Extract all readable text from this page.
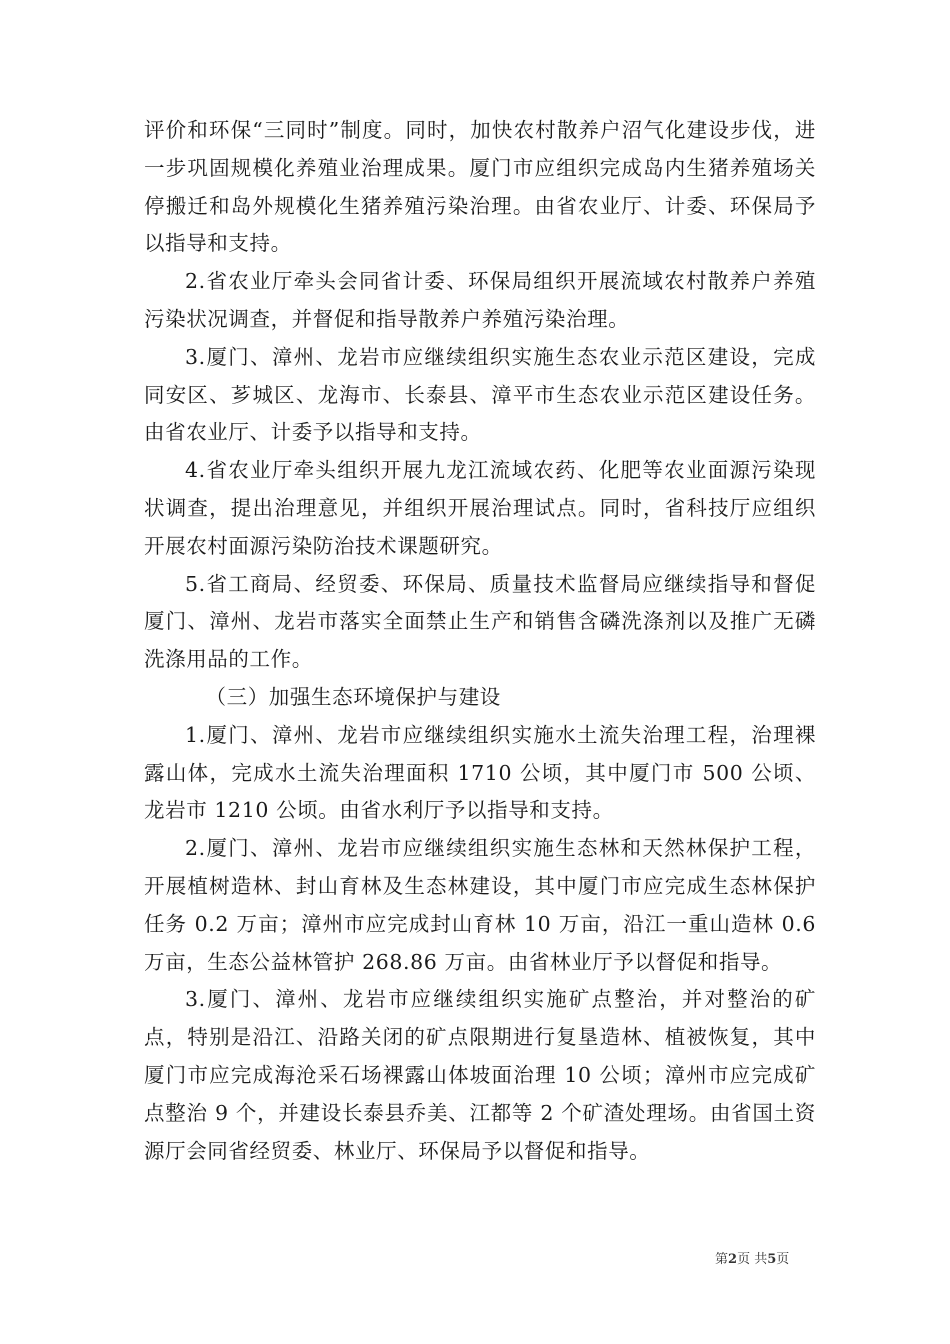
评价和环保“三同时”制度。同时，加快农村散养户沼气化建设步伐，进一步巩固规模化养殖业治理成果。厦门市应组织完成岛内生猪养殖场关停搬迁和岛外规模化生猪养殖污染治理。由省农业厅、计委、环保局予以指导和支持。

2.省农业厅牵头会同省计委、环保局组织开展流域农村散养户养殖污染状况调查，并督促和指导散养户养殖污染治理。

3.厦门、漳州、龙岩市应继续组织实施生态农业示范区建设，完成同安区、芗城区、龙海市、长泰县、漳平市生态农业示范区建设任务。由省农业厅、计委予以指导和支持。

4.省农业厅牵头组织开展九龙江流域农药、化肥等农业面源污染现状调查，提出治理意见，并组织开展治理试点。同时，省科技厅应组织开展农村面源污染防治技术课题研究。

5.省工商局、经贸委、环保局、质量技术监督局应继续指导和督促厦门、漳州、龙岩市落实全面禁止生产和销售含磷洗涤剂以及推广无磷洗涤用品的工作。

（三）加强生态环境保护与建设

1.厦门、漳州、龙岩市应继续组织实施水土流失治理工程，治理裸露山体，完成水土流失治理面积 1710 公顷，其中厦门市 500 公顷、龙岩市 1210 公顷。由省水利厅予以指导和支持。

2.厦门、漳州、龙岩市应继续组织实施生态林和天然林保护工程，开展植树造林、封山育林及生态林建设，其中厦门市应完成生态林保护任务 0.2 万亩；漳州市应完成封山育林 10 万亩，沿江一重山造林 0.6 万亩，生态公益林管护 268.86 万亩。由省林业厅予以督促和指导。

3.厦门、漳州、龙岩市应继续组织实施矿点整治，并对整治的矿点，特别是沿江、沿路关闭的矿点限期进行复垦造林、植被恢复，其中厦门市应完成海沧采石场裸露山体坡面治理 10 公顷；漳州市应完成矿点整治 9 个，并建设长泰县乔美、江都等 2 个矿渣处理场。由省国土资源厅会同省经贸委、林业厅、环保局予以督促和指导。

第2页 共5页
